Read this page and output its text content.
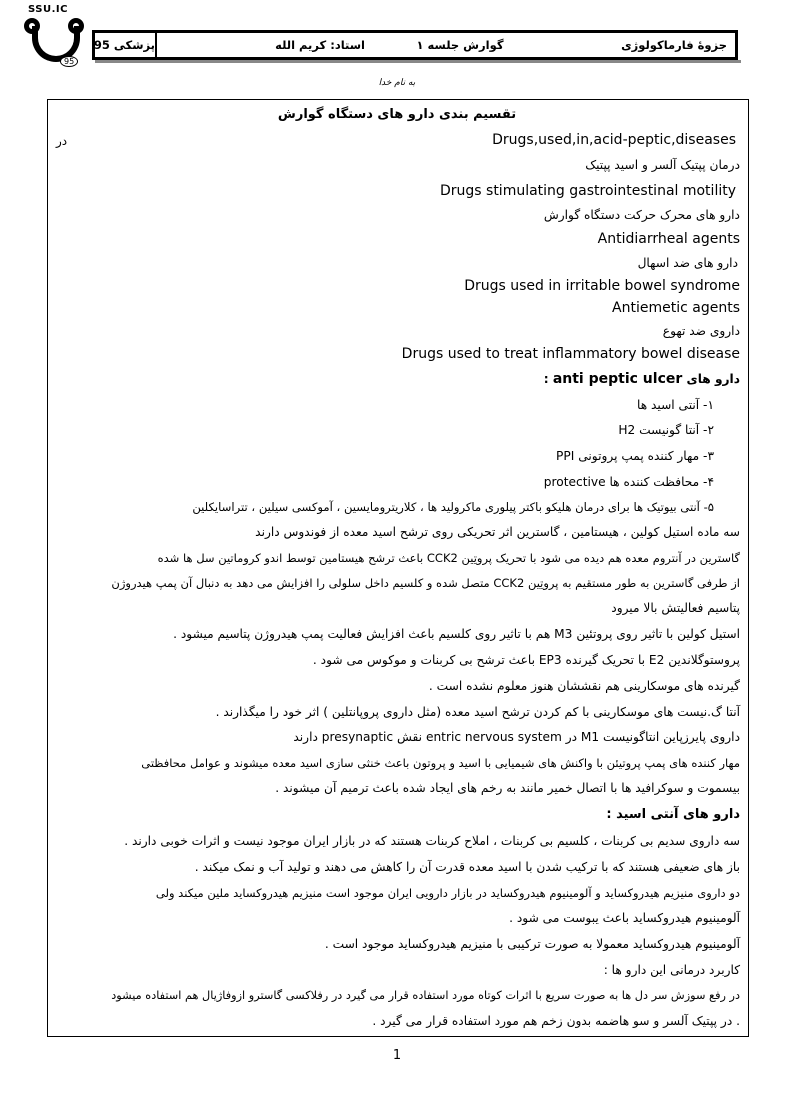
SSU.IC
95
پزشکی 95	استاد: کریم الله	گوارش جلسه ۱	جزوهٔ فارماکولوژی
به نام خدا
تقسیم بندی دارو های دستگاه گوارش
Drugs,used,in,acid-peptic,diseases
در
درمان پپتیک آلسر و اسید پپتیک
Drugs stimulating gastrointestinal motility
دارو های محرک حرکت دستگاه گوارش
Antidiarrheal agents
دارو های ضد اسهال
Drugs used in irritable bowel syndrome
Antiemetic agents
داروی ضد تهوع
Drugs used to treat inflammatory bowel disease
دارو های anti peptic ulcer :
۱- آنتی اسید ها
۲- آنتا گونیست H2
۳- مهار کننده پمپ پروتونی PPI
۴- محافظت کننده ها protective
۵- آنتی بیوتیک ها برای درمان هلیکو باکتر پیلوری ماکرولید ها ، کلاریترومایسین ، آموکسی سیلین ، تتراسایکلین
سه ماده استیل کولین ، هیستامین ، گاسترین اثر تحریکی روی ترشح اسید معده از فوندوس دارند
گاسترین در آنتروم معده هم دیده می شود با تحریک پروتِین CCK2 باعث ترشح هیستامین توسط اندو کروماتین سل ها شده
از طرفی گاسترین به طور مستقیم به پروتِین CCK2 متصل شده و کلسیم داخل سلولی را افزایش می دهد به دنبال آن پمپ هیدروژن
پتاسیم فعالیتش بالا میرود
استیل کولین با تاثیر روی پروتئین M3 هم با تاثیر روی کلسیم باعث افزایش فعالیت پمپ هیدروژن پتاسیم میشود .
پروستوگلاندین E2 با تحریک گیرنده EP3 باعث ترشح بی کربنات و موکوس می شود .
گیرنده های موسکارینی هم نقششان هنوز معلوم نشده است .
آنتا گ.نیست های موسکارینی با کم کردن ترشح اسید معده (مثل داروی پروپانتلین ) اثر خود را میگذارند .
داروی پایرزپاین انتاگونیست M1 در entric nervous system نقش presynaptic دارند
مهار کننده های پمپ پروتیئن با واکنش های شیمیایی با اسید و پروتون باعث خنثی سازی اسید معده میشوند و عوامل محافظتی
بیسموت و سوکرافید ها با اتصال خمیر مانند به رخم های ایجاد شده باعث ترمیم آن میشوند .
دارو های آنتی اسید :
سه داروی سدیم بی کربنات ، کلسیم بی کربنات ، املاح کربنات هستند که در بازار ایران موجود نیست و اثرات خوبی دارند .
باز های ضعیفی هستند که با ترکیب شدن با اسید معده قدرت آن را کاهش می دهند و تولید آب و نمک میکند .
دو داروی منیزیم هیدروکساید و آلومینیوم هیدروکساید در بازار دارویی ایران موجود است منیزیم هیدروکساید ملین میکند ولی
آلومینیوم هیدروکساید باعث یبوست می شود .
آلومینیوم هیدروکساید معمولا به صورت ترکیبی با منیزیم هیدروکساید موجود است .
کاربرد درمانی این دارو ها :
در رفع سوزش سر دل ها به صورت سریع با اثرات کوتاه مورد استفاده قرار می گیرد در رفلاکسی گاسترو ازوفاژیال هم استفاده میشود
. در پپتیک آلسر و سو هاضمه بدون زخم هم مورد استفاده قرار می گیرد .
1
